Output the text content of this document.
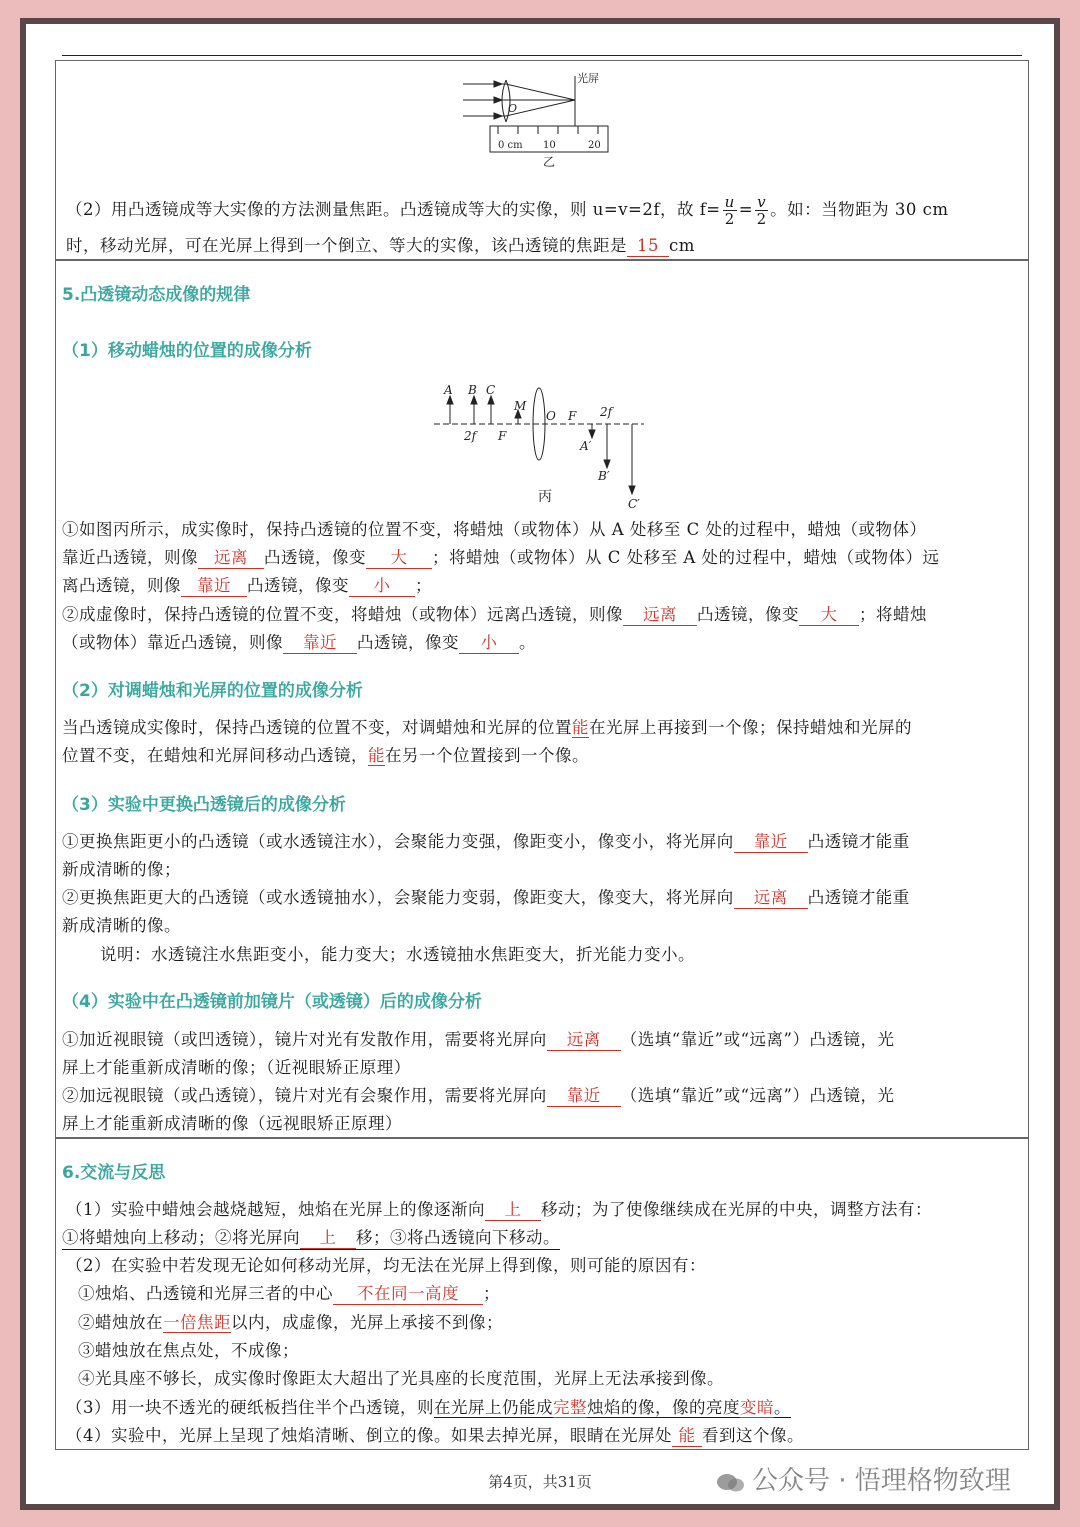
光屏
O
0 cm 10	20
乙
（2）用凸透镜成等大实像的方法测量焦距。凸透镜成等大的实像，则 u=v=2f，故 $f= \frac{u}{2} = \frac{v}{2}$ 。如：当物距为 30 cm
时，移动光屏，可在光屏上得到一个倒立、等大的实像，该凸透镜的焦距是 15 cm
5.凸透镜动态成像的规律
（1）移动蜡烛的位置的成像分析
A B C
M
O F 2f
2f F
A′
B′
C′
丙
①如图丙所示，成实像时，保持凸透镜的位置不变，将蜡烛（或物体）从 A 处移至 C 处的过程中，蜡烛（或物体）
靠近凸透镜，则像 远离 凸透镜，像变 大 ；将蜡烛（或物体）从 C 处移至 A 处的过程中，蜡烛（或物体）远
离凸透镜，则像 靠近 凸透镜，像变 小 ；
②成虚像时，保持凸透镜的位置不变，将蜡烛（或物体）远离凸透镜，则像 远离 凸透镜，像变 大 ；将蜡烛
（或物体）靠近凸透镜，则像 靠近 凸透镜，像变 小 。
（2）对调蜡烛和光屏的位置的成像分析
当凸透镜成实像时，保持凸透镜的位置不变，对调蜡烛和光屏的位置能在光屏上再接到一个像；保持蜡烛和光屏的
位置不变，在蜡烛和光屏间移动凸透镜，能在另一个位置接到一个像。
（3）实验中更换凸透镜后的成像分析
①更换焦距更小的凸透镜（或水透镜注水），会聚能力变强，像距变小，像变小，将光屏向 靠近 凸透镜才能重
新成清晰的像；
②更换焦距更大的凸透镜（或水透镜抽水），会聚能力变弱，像距变大，像变大，将光屏向 远离 凸透镜才能重
新成清晰的像。
说明：水透镜注水焦距变小，能力变大；水透镜抽水焦距变大，折光能力变小。
（4）实验中在凸透镜前加镜片（或透镜）后的成像分析
①加近视眼镜（或凹透镜），镜片对光有发散作用，需要将光屏向 远离 （选填“靠近”或“远离”）凸透镜，光
屏上才能重新成清晰的像；（近视眼矫正原理）
②加远视眼镜（或凸透镜），镜片对光有会聚作用，需要将光屏向 靠近 （选填“靠近”或“远离”）凸透镜，光
屏上才能重新成清晰的像（远视眼矫正原理）
6.交流与反思
（1）实验中蜡烛会越烧越短，烛焰在光屏上的像逐渐向 上 移动；为了使像继续成在光屏的中央，调整方法有：
①将蜡烛向上移动；②将光屏向 上 移；③将凸透镜向下移动。
（2）在实验中若发现无论如何移动光屏，均无法在光屏上得到像，则可能的原因有：
①烛焰、凸透镜和光屏三者的中心 不在同一高度 ；
②蜡烛放在一倍焦距以内，成虚像，光屏上承接不到像；
③蜡烛放在焦点处，不成像；
④光具座不够长，成实像时像距太大超出了光具座的长度范围，光屏上无法承接到像。
（3）用一块不透光的硬纸板挡住半个凸透镜，则在光屏上仍能成完整烛焰的像，像的亮度变暗。
（4）实验中，光屏上呈现了烛焰清晰、倒立的像。如果去掉光屏，眼睛在光屏处 能 看到这个像。
第4页，共31页	公众号 · 悟理格物致理
